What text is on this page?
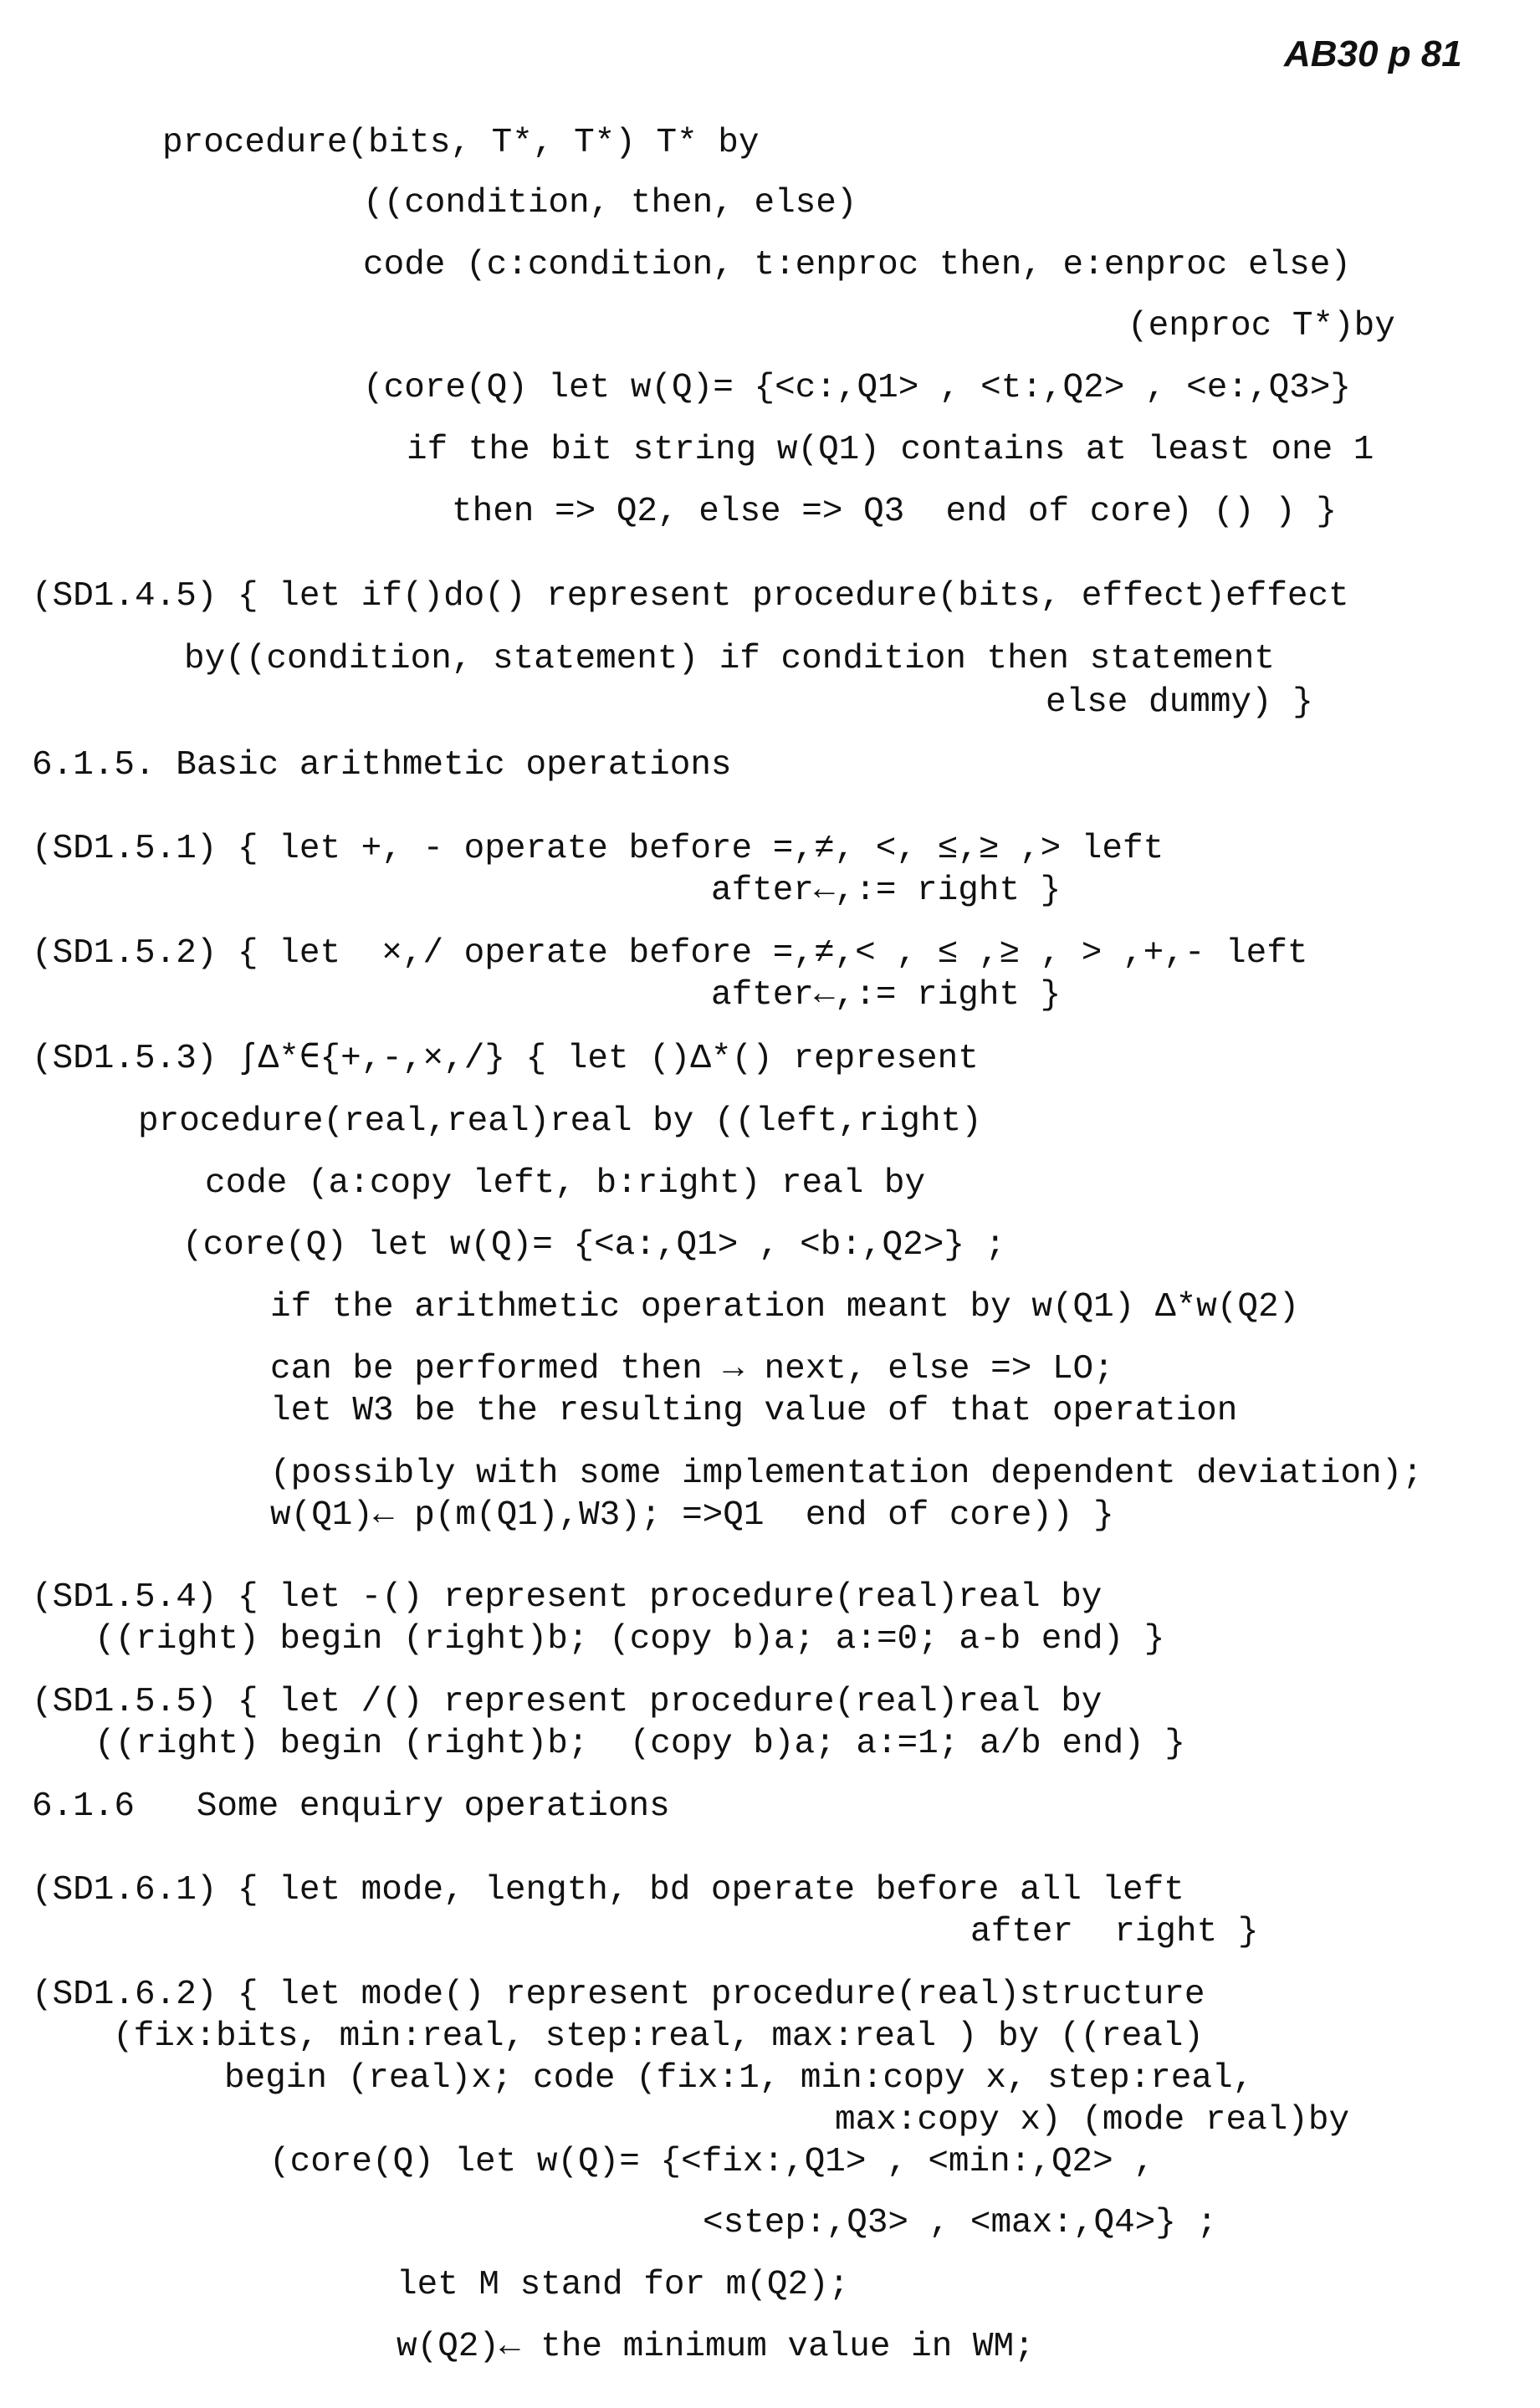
AB30 p 81
procedure(bits, T*, T*) T* by
((condition, then, else)
code (c:condition, t:enproc then, e:enproc else)
(enproc T*)by
(core(Q) let w(Q)= {<c:,Q1> , <t:,Q2> , <e:,Q3>}
if the bit string w(Q1) contains at least one 1
then => Q2, else => Q3  end of core) () ) }
(SD1.4.5) { let if()do() represent procedure(bits, effect)effect
by((condition, statement) if condition then statement
else dummy) }
6.1.5. Basic arithmetic operations
(SD1.5.1) { let +, - operate before =,≠, <, ≤,≥ ,> left
after←,:= right }
(SD1.5.2) { let  ×,/ operate before =,≠,< , ≤ ,≥ , > ,+,- left
after←,:= right }
(SD1.5.3) ∫Δ*∈{+,-,×,/} { let ()Δ*() represent
procedure(real,real)real by ((left,right)
code (a:copy left, b:right) real by
(core(Q) let w(Q)= {<a:,Q1> , <b:,Q2>} ;
if the arithmetic operation meant by w(Q1) Δ*w(Q2)
can be performed then → next, else => LO;
let W3 be the resulting value of that operation
(possibly with some implementation dependent deviation);
w(Q1)← p(m(Q1),W3); =>Q1  end of core)) }
(SD1.5.4) { let -() represent procedure(real)real by
((right) begin (right)b; (copy b)a; a:=0; a-b end) }
(SD1.5.5) { let /() represent procedure(real)real by
((right) begin (right)b;  (copy b)a; a:=1; a/b end) }
6.1.6   Some enquiry operations
(SD1.6.1) { let mode, length, bd operate before all left
after  right }
(SD1.6.2) { let mode() represent procedure(real)structure
(fix:bits, min:real, step:real, max:real ) by ((real)
begin (real)x; code (fix:1, min:copy x, step:real,
max:copy x) (mode real)by
(core(Q) let w(Q)= {<fix:,Q1> , <min:,Q2> ,
<step:,Q3> , <max:,Q4>} ;
let M stand for m(Q2);
w(Q2)← the minimum value in WM;
